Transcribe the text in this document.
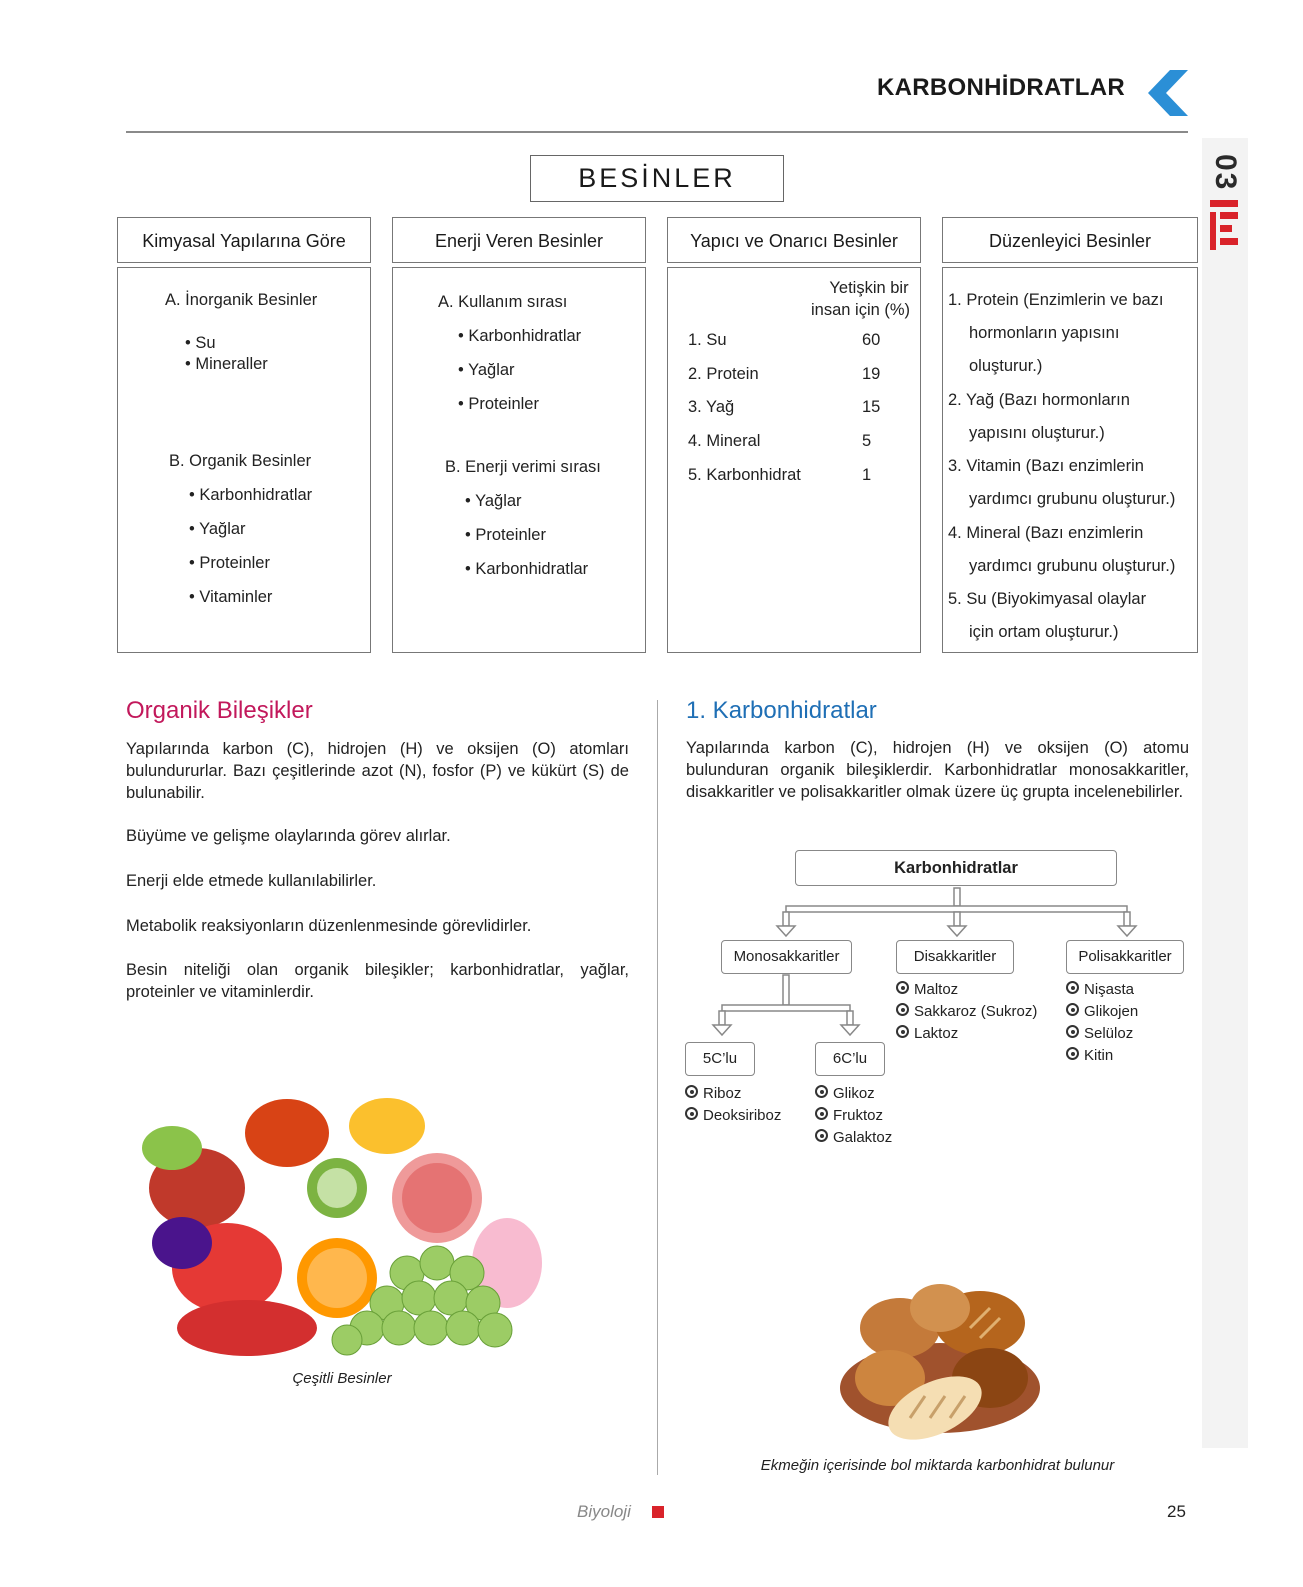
KARBONHİDRATLAR
03
BESİNLER
Kimyasal Yapılarına Göre
A. İnorganik Besinler
• Su
• Mineraller
B. Organik Besinler
• Karbonhidratlar
• Yağlar
• Proteinler
• Vitaminler
Enerji Veren Besinler
A. Kullanım sırası
• Karbonhidratlar
• Yağlar
• Proteinler
B. Enerji verimi sırası
• Yağlar
• Proteinler
• Karbonhidratlar
Yapıcı ve Onarıcı Besinler
Yetişkin bir
insan için (%)
1. Su	60
2. Protein	19
3. Yağ	15
4. Mineral	5
5. Karbonhidrat	1
Düzenleyici Besinler
1. Protein (Enzimlerin ve bazı
hormonların yapısını
oluşturur.)
2. Yağ (Bazı hormonların
yapısını oluşturur.)
3. Vitamin (Bazı enzimlerin
yardımcı grubunu oluşturur.)
4. Mineral (Bazı enzimlerin
yardımcı grubunu oluşturur.)
5. Su (Biyokimyasal olaylar
için ortam oluşturur.)
Organik Bileşikler
Yapılarında karbon (C), hidrojen (H) ve oksijen (O) atomları bulundururlar. Bazı çeşitlerinde azot (N), fosfor (P) ve kükürt (S) de bulunabilir.
Büyüme ve gelişme olaylarında görev alırlar.
Enerji elde etmede kullanılabilirler.
Metabolik reaksiyonların düzenlenmesinde görevlidirler.
Besin niteliği olan organik bileşikler; karbonhidratlar, yağlar, proteinler ve vitaminlerdir.
Çeşitli Besinler
1. Karbonhidratlar
Yapılarında karbon (C), hidrojen (H) ve oksijen (O) atomu bulunduran organik bileşiklerdir. Karbonhidratlar monosakkaritler, disakkaritler ve polisakkaritler olmak üzere üç grupta incelenebilirler.
Karbonhidratlar
Monosakkaritler	Disakkaritler	Polisakkaritler
5C’lu	6C’lu
Maltoz
Sakkaroz (Sukroz)
Laktoz
Nişasta
Glikojen
Selüloz
Kitin
Riboz
Deoksiriboz
Glikoz
Fruktoz
Galaktoz
Ekmeğin içerisinde bol miktarda karbonhidrat bulunur
Biyoloji	25
